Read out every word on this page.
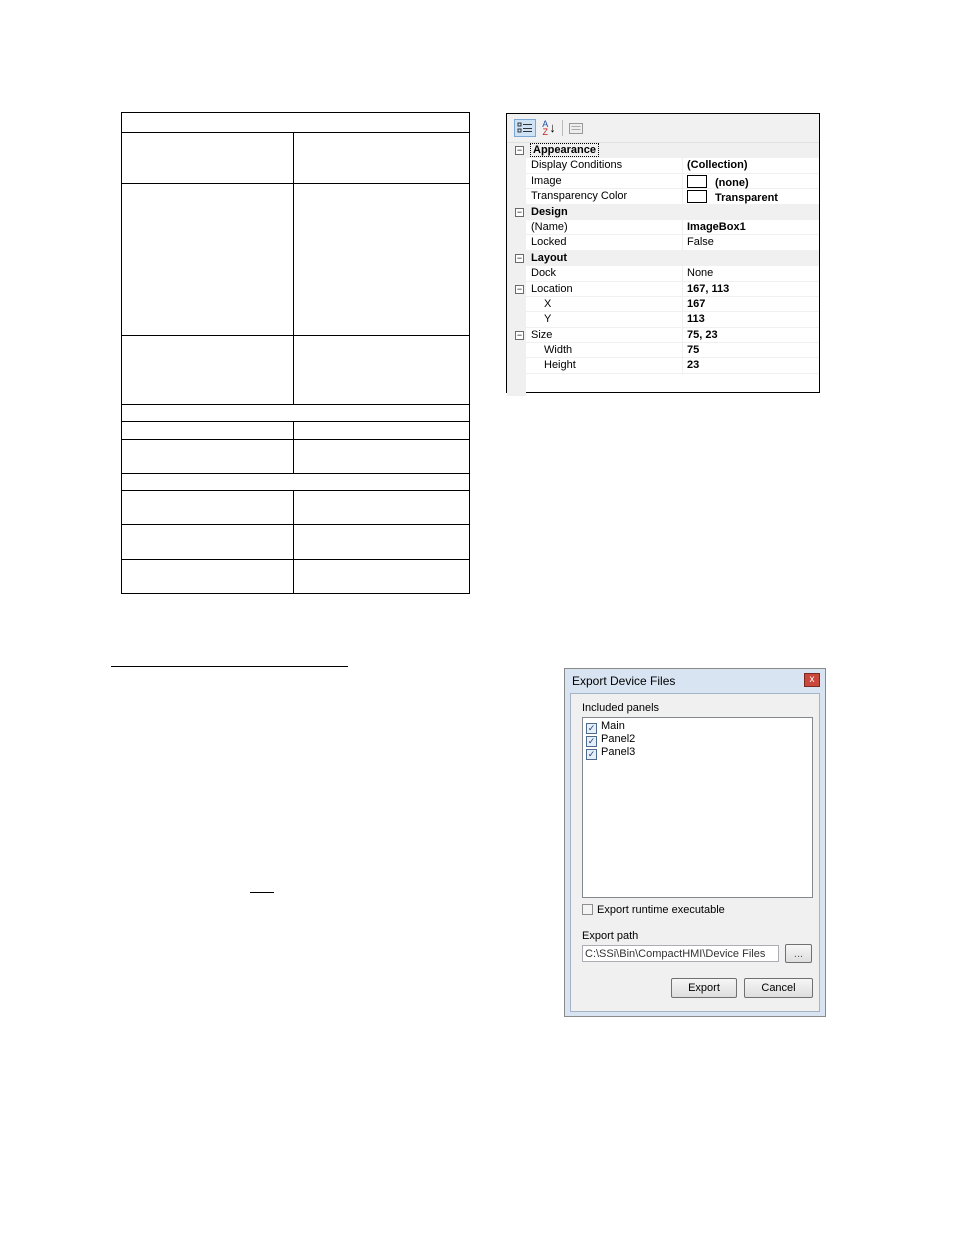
A
Z ↓
− Appearance
Display Conditions	(Collection)
Image	(none)
Transparency Color	Transparent
− Design
(Name)	ImageBox1
Locked	False
− Layout
Dock	None
− Location	167, 113
X	167
Y	113
− Size	75, 23
Width	75
Height	23
Export Device Files	x
Included panels
✓ Main
✓ Panel2
✓ Panel3
Export runtime executable
Export path
C:\SSi\Bin\CompactHMI\Device Files
...
Export	Cancel
